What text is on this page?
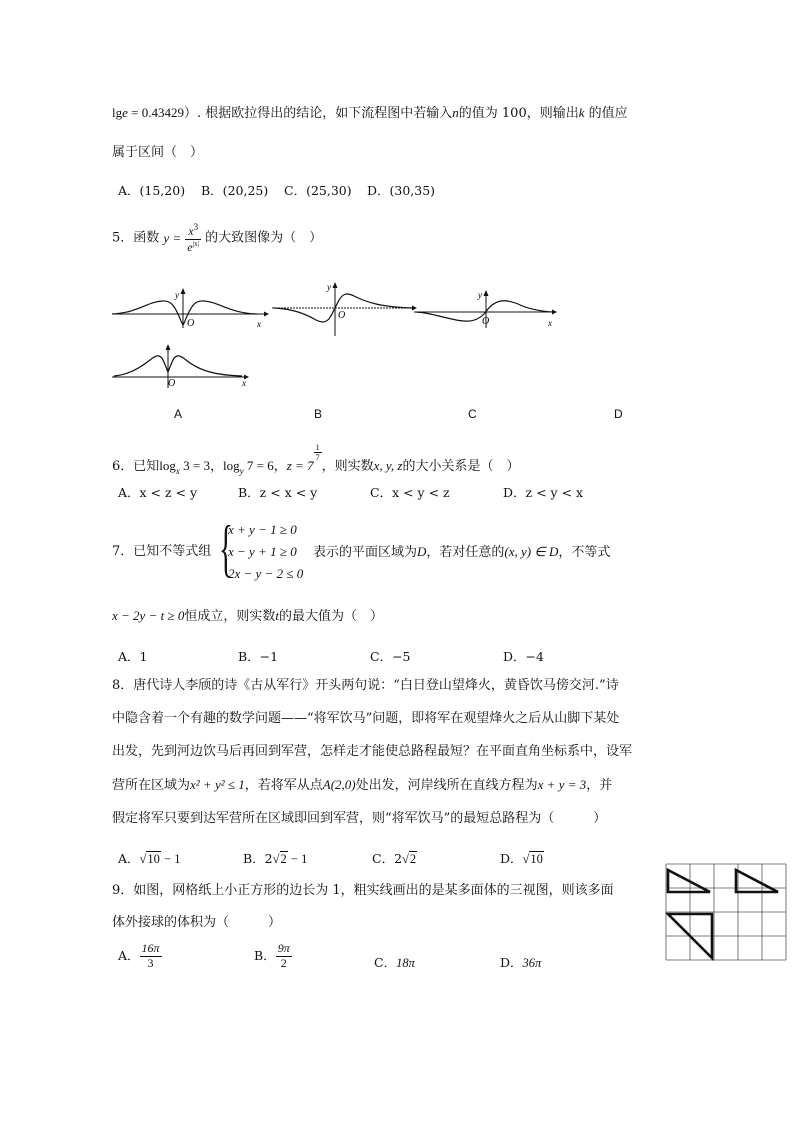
lge = 0.43429）. 根据欧拉得出的结论，如下流程图中若输入n的值为 100，则输出k 的值应
属于区间（　）
A．(15,20) B．(20,25) C．(25,30) D．(30,35)
5．函数 $y = \frac{x^3}{e^{|x|}}$ 的大致图像为（　）
y
O	x
y
O
y
O	x
O	x
A	B	C	D
6．已知$\log_x 3 = 3$，$\log_y 7 = 6$，z = 7
$\frac{1}{7}$
，则实数x, y, z的大小关系是（　）
A．x < z < y	B．z < x < y	C．x < y < z	D．z < y < x
7．已知不等式组 {
x + y − 1 ≥ 0
x − y + 1 ≥ 0
2x − y − 2 ≤ 0
表示的平面区域为D，若对任意的(x, y) ∈ D，不等式
x − 2y − t ≥ 0恒成立，则实数t的最大值为（　）
A．1	B．−1	C．−5	D．−4
8．唐代诗人李颀的诗《古从军行》开头两句说：“白日登山望烽火，黄昏饮马傍交河.”诗
中隐含着一个有趣的数学问题——“将军饮马”问题，即将军在观望烽火之后从山脚下某处
出发，先到河边饮马后再回到军营，怎样走才能使总路程最短？在平面直角坐标系中，设军
营所在区域为x² + y² ≤ 1，若将军从点A(2,0)处出发，河岸线所在直线方程为x + y = 3，并
假定将军只要到达军营所在区域即回到军营，则“将军饮马”的最短总路程为（　　　）
A．√10 − 1	B．2√2 − 1	C．2√2	D．√10
9．如图，网格纸上小正方形的边长为 1，粗实线画出的是某多面体的三视图，则该多面
体外接球的体积为（　　　）
A． $\frac{16\pi}{3}$	B． $\frac{9\pi}{2}$	C．18π	D．36π
